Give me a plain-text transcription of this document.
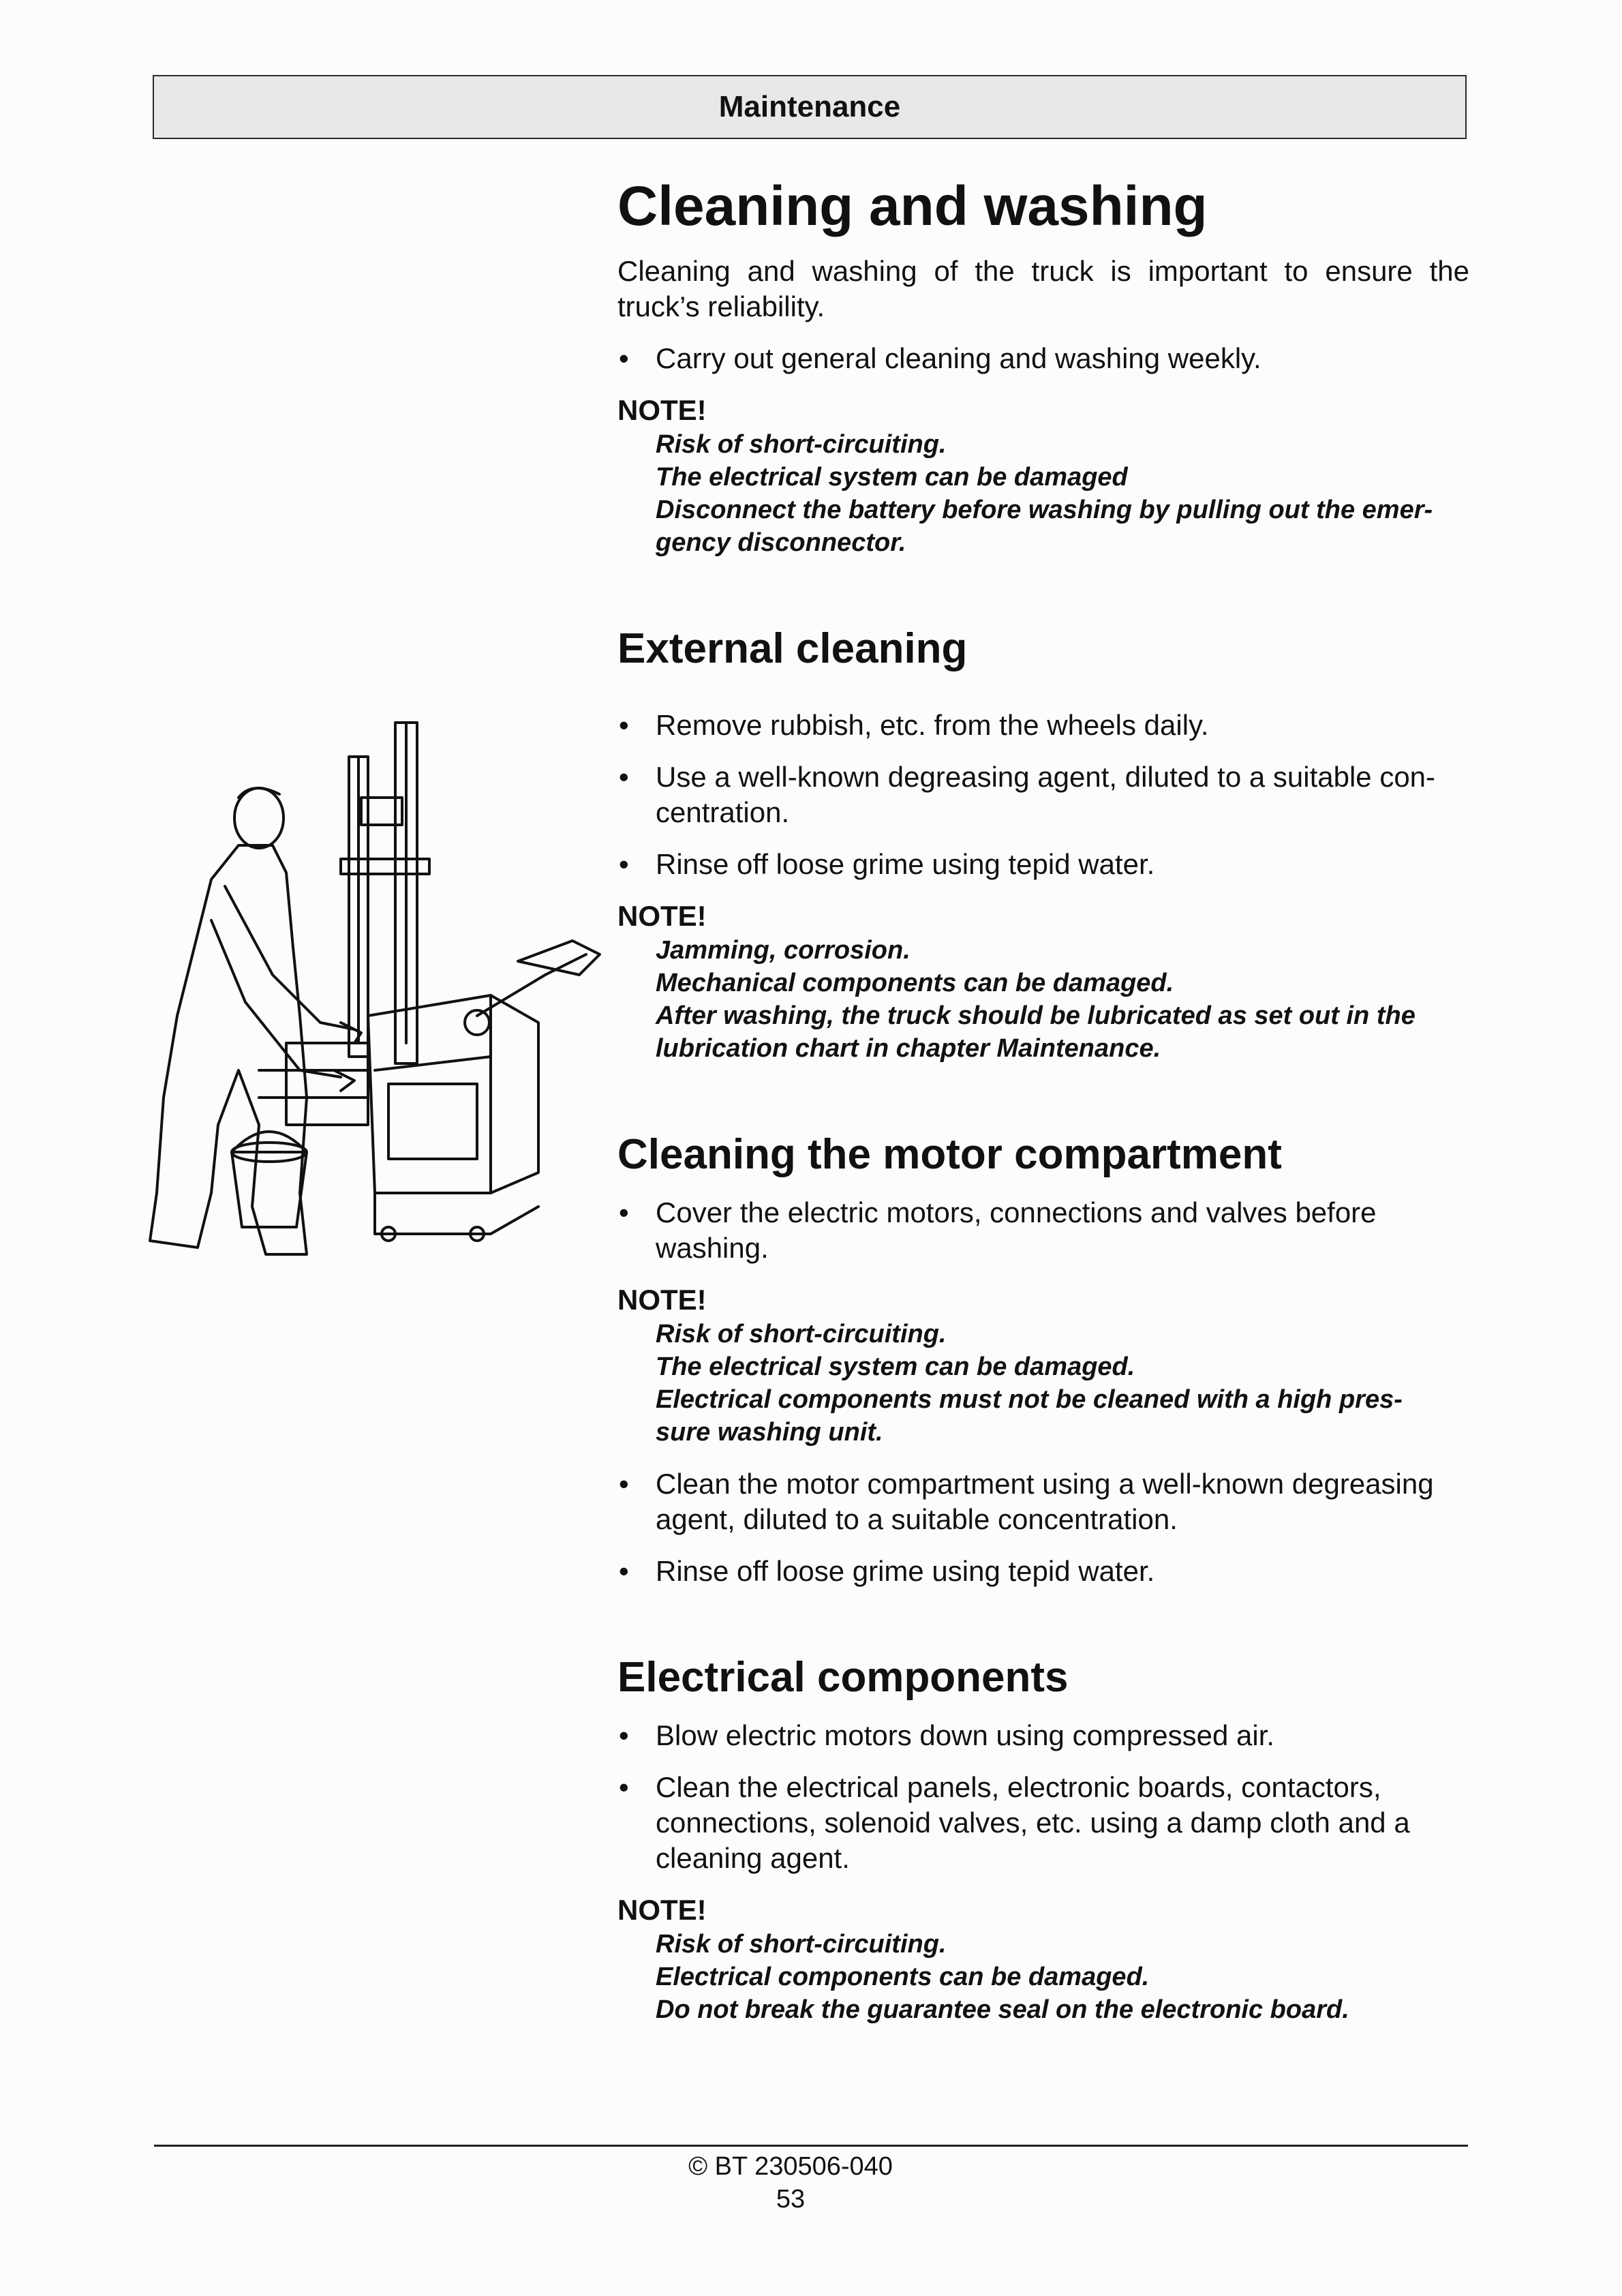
Maintenance
Cleaning and washing

Cleaning and washing of the truck is important to ensure the truck’s reliability.

• Carry out general cleaning and washing weekly.
NOTE!
Risk of short-circuiting.
The electrical system can be damaged
Disconnect the battery before washing by pulling out the emer-
gency disconnector.
External cleaning
• Remove rubbish, etc. from the wheels daily.
• Use a well-known degreasing agent, diluted to a suitable con-centration.
• Rinse off loose grime using tepid water.
NOTE!
Jamming, corrosion.
Mechanical components can be damaged.
After washing, the truck should be lubricated as set out in the
lubrication chart in chapter Maintenance.
Cleaning the motor compartment
• Cover the electric motors, connections and valves before washing.
NOTE!
Risk of short-circuiting.
The electrical system can be damaged.
Electrical components must not be cleaned with a high pres-
sure washing unit.
• Clean the motor compartment using a well-known degreasing agent, diluted to a suitable concentration.
• Rinse off loose grime using tepid water.
Electrical components
• Blow electric motors down using compressed air.
• Clean the electrical panels, electronic boards, contactors, connections, solenoid valves, etc. using a damp cloth and a cleaning agent.
NOTE!
Risk of short-circuiting.
Electrical components can be damaged.
Do not break the guarantee seal on the electronic board.
© BT 230506-040
53
